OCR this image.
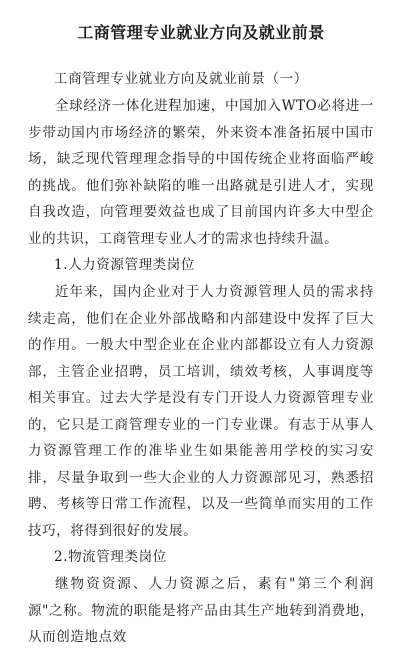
工商管理专业就业方向及就业前景

工商管理专业就业方向及就业前景（一）

全球经济一体化进程加速，中国加入WTO必将进一步带动国内市场经济的繁荣，外来资本准备拓展中国市场，缺乏现代管理理念指导的中国传统企业将面临严峻的挑战。他们弥补缺陷的唯一出路就是引进人才，实现自我改造，向管理要效益也成了目前国内许多大中型企业的共识，工商管理专业人才的需求也持续升温。

1.人力资源管理类岗位

近年来，国内企业对于人力资源管理人员的需求持续走高，他们在企业外部战略和内部建设中发挥了巨大的作用。一般大中型企业在企业内部都设立有人力资源部，主管企业招聘，员工培训，绩效考核，人事调度等相关事宜。过去大学是没有专门开设人力资源管理专业的，它只是工商管理专业的一门专业课。有志于从事人力资源管理工作的准毕业生如果能善用学校的实习安排，尽量争取到一些大企业的人力资源部见习，熟悉招聘、考核等日常工作流程，以及一些简单而实用的工作技巧，将得到很好的发展。

2.物流管理类岗位

继物资资源、人力资源之后，素有"第三个利润源"之称。物流的职能是将产品由其生产地转到消费地，从而创造地点效
